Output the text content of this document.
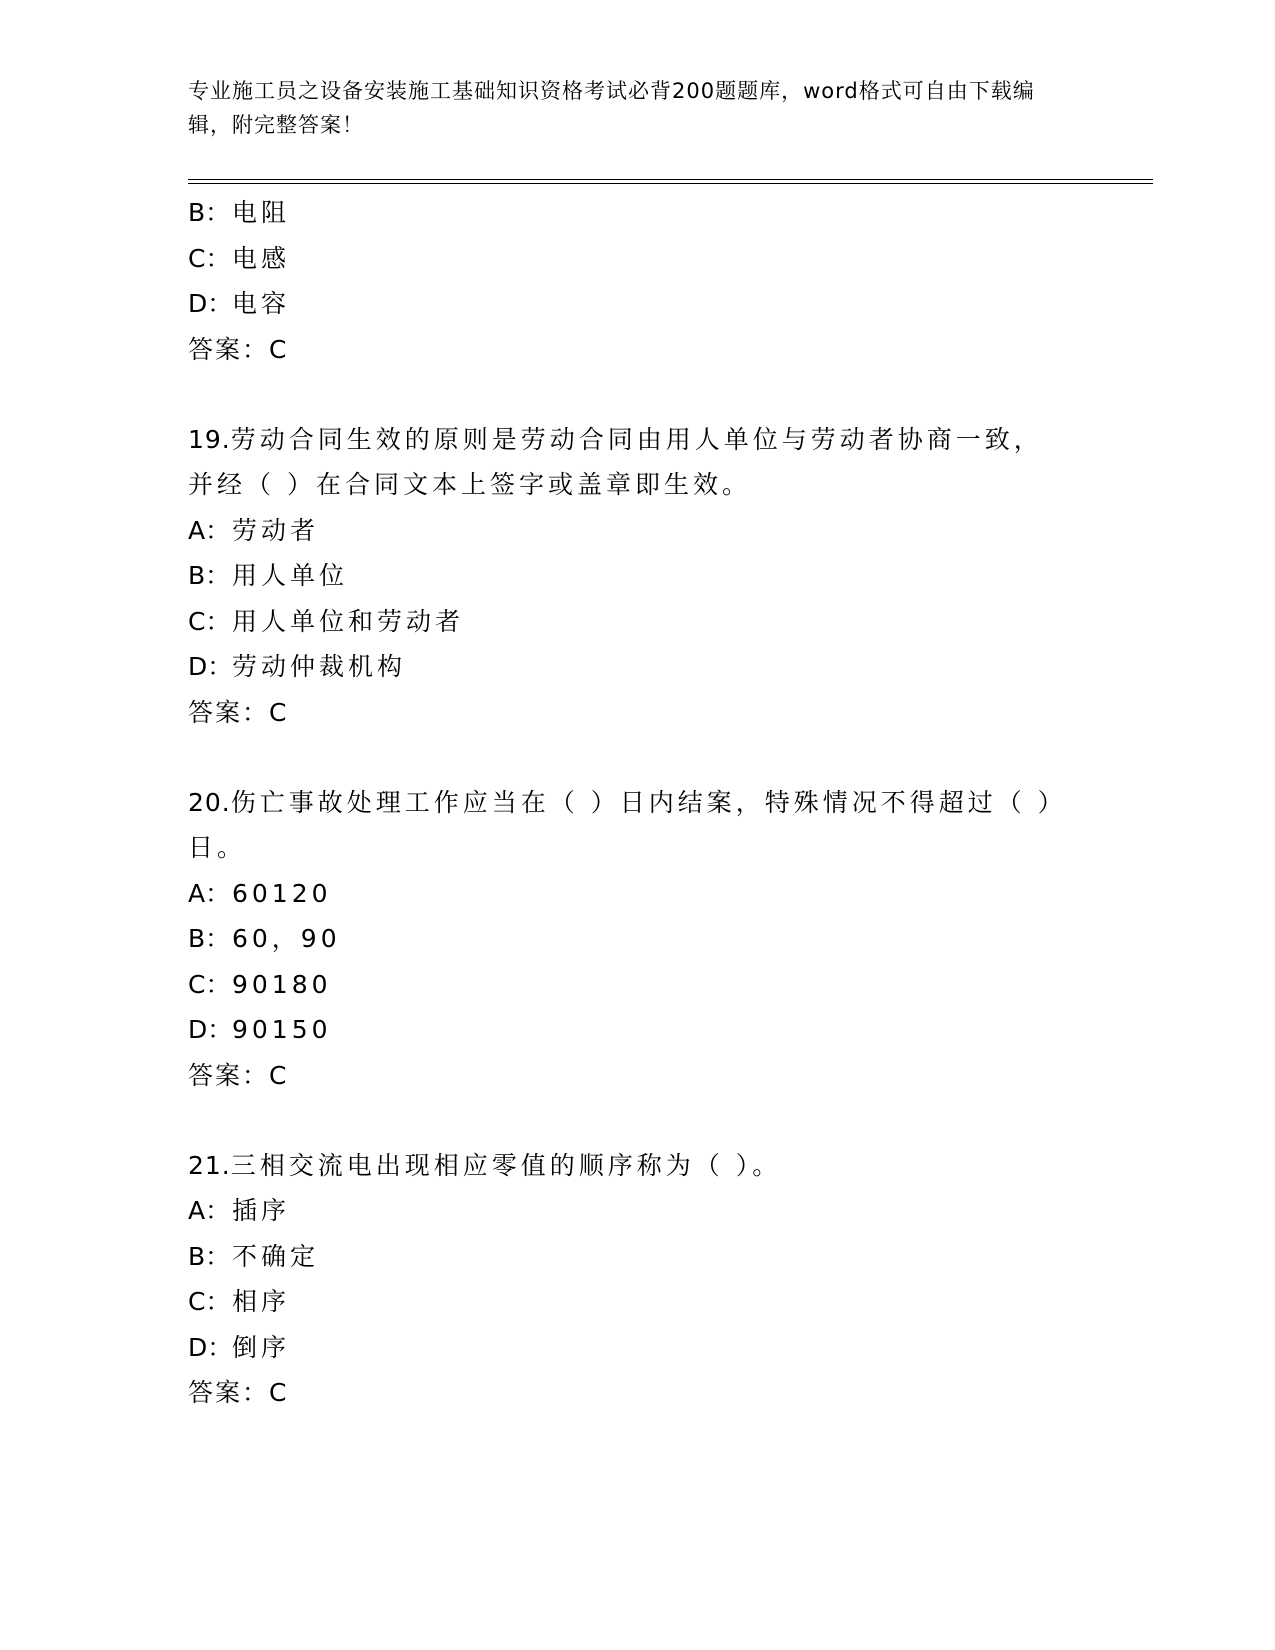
专业施工员之设备安装施工基础知识资格考试必背200题题库，word格式可自由下载编辑，附完整答案！
B：电阻
C：电感
D：电容
答案：C
19.劳动合同生效的原则是劳动合同由用人单位与劳动者协商一致，并经（ ）在合同文本上签字或盖章即生效。
A：劳动者
B：用人单位
C：用人单位和劳动者
D：劳动仲裁机构
答案：C
20.伤亡事故处理工作应当在（ ）日内结案，特殊情况不得超过（ ）日。
A：60120
B：60，90
C：90180
D：90150
答案：C
21.三相交流电出现相应零值的顺序称为（ ）。
A：插序
B：不确定
C：相序
D：倒序
答案：C
